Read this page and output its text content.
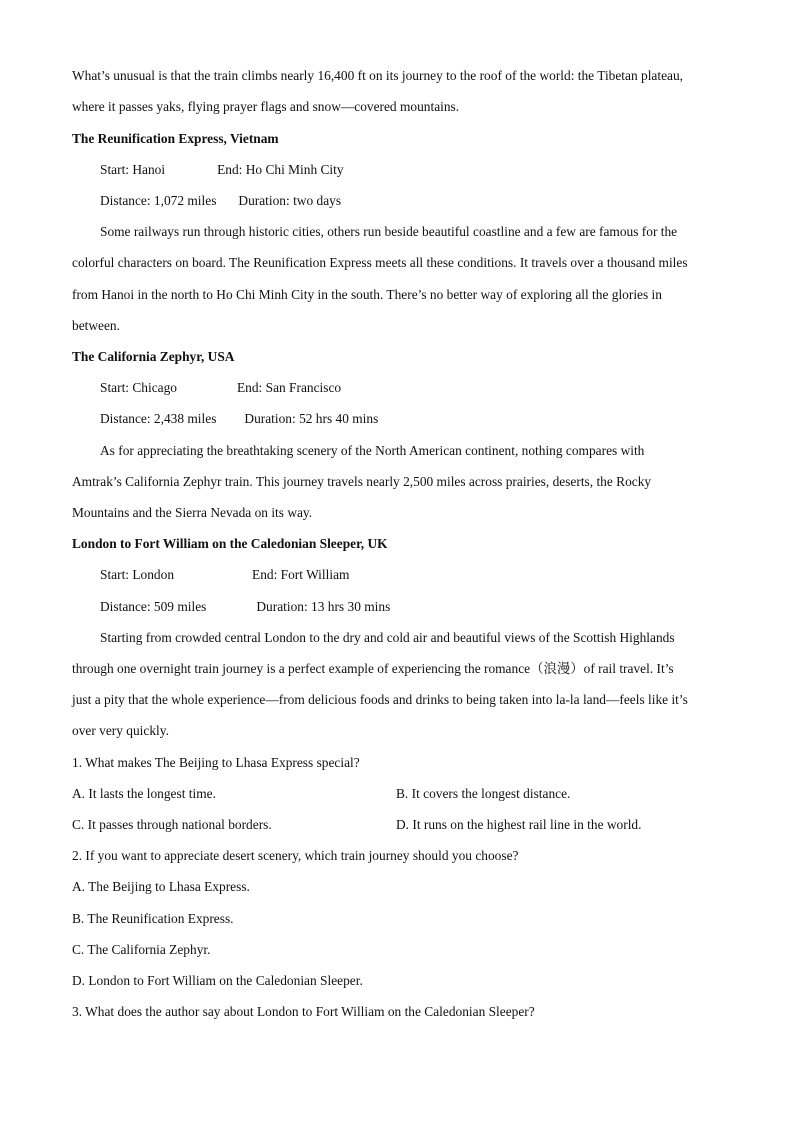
What’s unusual is that the train climbs nearly 16,400 ft on its journey to the roof of the world: the Tibetan plateau,
where it passes yaks, flying prayer flags and snow—covered mountains.
The Reunification Express, Vietnam
Start: Hanoi	End: Ho Chi Minh City
Distance: 1,072 miles Duration: two days
Some railways run through historic cities, others run beside beautiful coastline and a few are famous for the
colorful characters on board. The Reunification Express meets all these conditions. It travels over a thousand miles
from Hanoi in the north to Ho Chi Minh City in the south. There’s no better way of exploring all the glories in
between.
The California Zephyr, USA
Start: Chicago	End: San Francisco
Distance: 2,438 miles Duration: 52 hrs 40 mins
As for appreciating the breathtaking scenery of the North American continent, nothing compares with
Amtrak’s California Zephyr train. This journey travels nearly 2,500 miles across prairies, deserts, the Rocky
Mountains and the Sierra Nevada on its way.
London to Fort William on the Caledonian Sleeper, UK
Start: London	End: Fort William
Distance: 509 miles	Duration: 13 hrs 30 mins
Starting from crowded central London to the dry and cold air and beautiful views of the Scottish Highlands
through one overnight train journey is a perfect example of experiencing the romance（浪漫）of rail travel. It’s
just a pity that the whole experience—from delicious foods and drinks to being taken into la-la land—feels like it’s
over very quickly.
1. What makes The Beijing to Lhasa Express special?
A. It lasts the longest time.	B. It covers the longest distance.
C. It passes through national borders.	D. It runs on the highest rail line in the world.
2. If you want to appreciate desert scenery, which train journey should you choose?
A. The Beijing to Lhasa Express.
B. The Reunification Express.
C. The California Zephyr.
D. London to Fort William on the Caledonian Sleeper.
3. What does the author say about London to Fort William on the Caledonian Sleeper?
